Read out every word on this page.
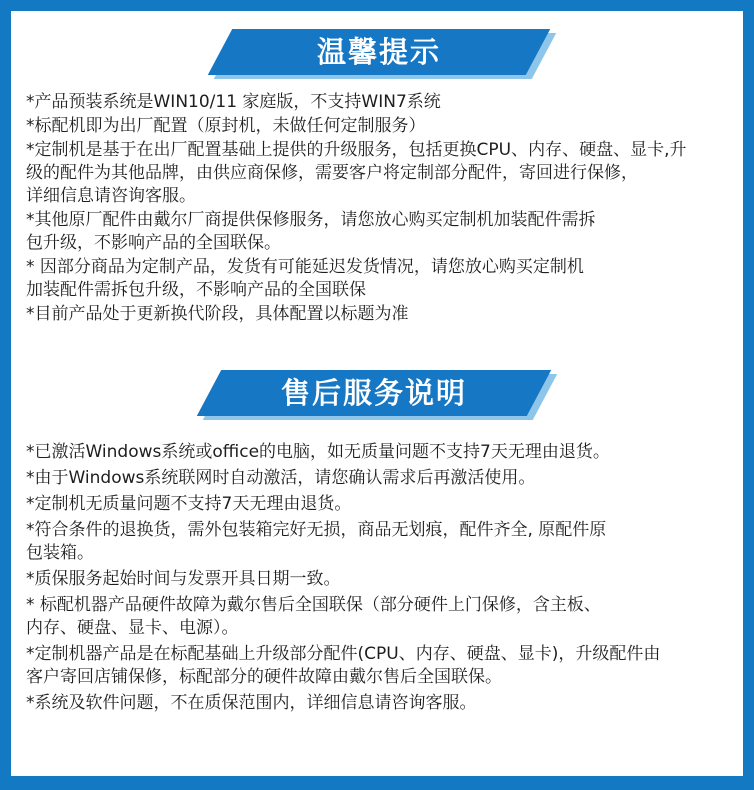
温馨提示
*产品预装系统是WIN10/11 家庭版，不支持WIN7系统
*标配机即为出厂配置（原封机，未做任何定制服务）
*定制机是基于在出厂配置基础上提供的升级服务，包括更换CPU、内存、硬盘、显卡,升
级的配件为其他品牌，由供应商保修，需要客户将定制部分配件，寄回进行保修，
详细信息请咨询客服。
*其他原厂配件由戴尔厂商提供保修服务，请您放心购买定制机加装配件需拆
包升级，不影响产品的全国联保。
* 因部分商品为定制产品，发货有可能延迟发货情况，请您放心购买定制机
加装配件需拆包升级，不影响产品的全国联保
*目前产品处于更新换代阶段，具体配置以标题为准
售后服务说明
*已激活Windows系统或office的电脑，如无质量问题不支持7天无理由退货。
*由于Windows系统联网时自动激活，请您确认需求后再激活使用。
*定制机无质量问题不支持7天无理由退货。
*符合条件的退换货，需外包装箱完好无损，商品无划痕，配件齐全, 原配件原
包装箱。
*质保服务起始时间与发票开具日期一致。
* 标配机器产品硬件故障为戴尔售后全国联保（部分硬件上门保修，含主板、
内存、硬盘、显卡、电源）。
*定制机器产品是在标配基础上升级部分配件(CPU、内存、硬盘、显卡)，升级配件由
客户寄回店铺保修，标配部分的硬件故障由戴尔售后全国联保。
*系统及软件问题，不在质保范围内，详细信息请咨询客服。
